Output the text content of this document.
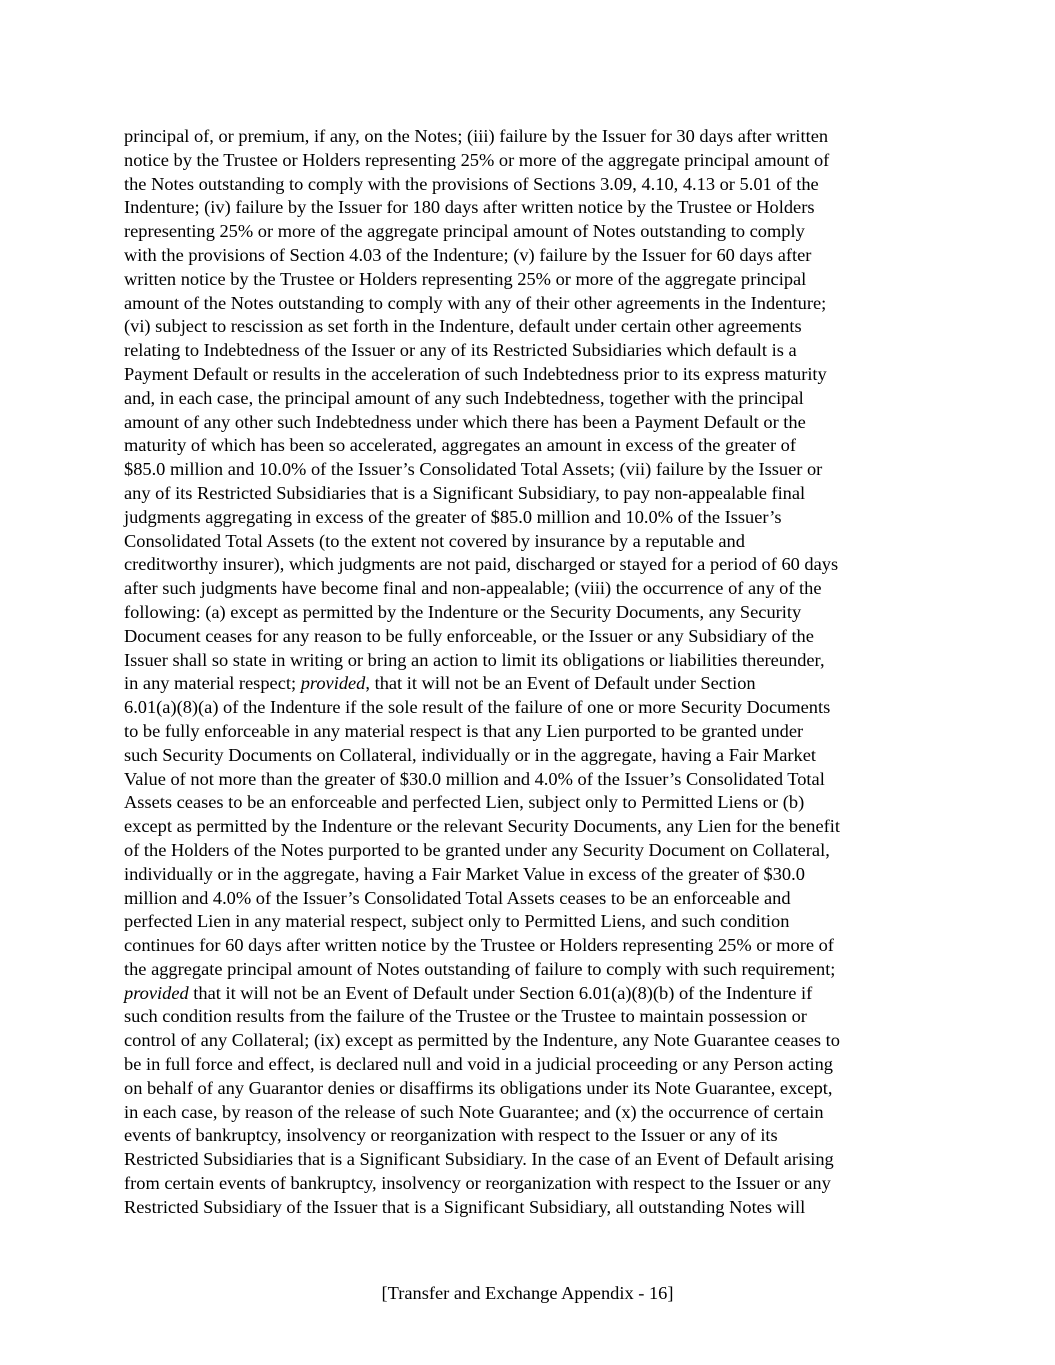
principal of, or premium, if any, on the Notes; (iii) failure by the Issuer for 30 days after written
notice by the Trustee or Holders representing 25% or more of the aggregate principal amount of
the Notes outstanding to comply with the provisions of Sections 3.09, 4.10, 4.13 or 5.01 of the
Indenture; (iv) failure by the Issuer for 180 days after written notice by the Trustee or Holders
representing 25% or more of the aggregate principal amount of Notes outstanding to comply
with the provisions of Section 4.03 of the Indenture; (v) failure by the Issuer for 60 days after
written notice by the Trustee or Holders representing 25% or more of the aggregate principal
amount of the Notes outstanding to comply with any of their other agreements in the Indenture;
(vi) subject to rescission as set forth in the Indenture, default under certain other agreements
relating to Indebtedness of the Issuer or any of its Restricted Subsidiaries which default is a
Payment Default or results in the acceleration of such Indebtedness prior to its express maturity
and, in each case, the principal amount of any such Indebtedness, together with the principal
amount of any other such Indebtedness under which there has been a Payment Default or the
maturity of which has been so accelerated, aggregates an amount in excess of the greater of
$85.0 million and 10.0% of the Issuer’s Consolidated Total Assets; (vii) failure by the Issuer or
any of its Restricted Subsidiaries that is a Significant Subsidiary, to pay non-appealable final
judgments aggregating in excess of the greater of $85.0 million and 10.0% of the Issuer’s
Consolidated Total Assets (to the extent not covered by insurance by a reputable and
creditworthy insurer), which judgments are not paid, discharged or stayed for a period of 60 days
after such judgments have become final and non-appealable; (viii) the occurrence of any of the
following: (a) except as permitted by the Indenture or the Security Documents, any Security
Document ceases for any reason to be fully enforceable, or the Issuer or any Subsidiary of the
Issuer shall so state in writing or bring an action to limit its obligations or liabilities thereunder,
in any material respect; provided, that it will not be an Event of Default under Section
6.01(a)(8)(a) of the Indenture if the sole result of the failure of one or more Security Documents
to be fully enforceable in any material respect is that any Lien purported to be granted under
such Security Documents on Collateral, individually or in the aggregate, having a Fair Market
Value of not more than the greater of $30.0 million and 4.0% of the Issuer’s Consolidated Total
Assets ceases to be an enforceable and perfected Lien, subject only to Permitted Liens or (b)
except as permitted by the Indenture or the relevant Security Documents, any Lien for the benefit
of the Holders of the Notes purported to be granted under any Security Document on Collateral,
individually or in the aggregate, having a Fair Market Value in excess of the greater of $30.0
million and 4.0% of the Issuer’s Consolidated Total Assets ceases to be an enforceable and
perfected Lien in any material respect, subject only to Permitted Liens, and such condition
continues for 60 days after written notice by the Trustee or Holders representing 25% or more of
the aggregate principal amount of Notes outstanding of failure to comply with such requirement;
provided that it will not be an Event of Default under Section 6.01(a)(8)(b) of the Indenture if
such condition results from the failure of the Trustee or the Trustee to maintain possession or
control of any Collateral; (ix) except as permitted by the Indenture, any Note Guarantee ceases to
be in full force and effect, is declared null and void in a judicial proceeding or any Person acting
on behalf of any Guarantor denies or disaffirms its obligations under its Note Guarantee, except,
in each case, by reason of the release of such Note Guarantee; and (x) the occurrence of certain
events of bankruptcy, insolvency or reorganization with respect to the Issuer or any of its
Restricted Subsidiaries that is a Significant Subsidiary. In the case of an Event of Default arising
from certain events of bankruptcy, insolvency or reorganization with respect to the Issuer or any
Restricted Subsidiary of the Issuer that is a Significant Subsidiary, all outstanding Notes will
[Transfer and Exchange Appendix - 16]
